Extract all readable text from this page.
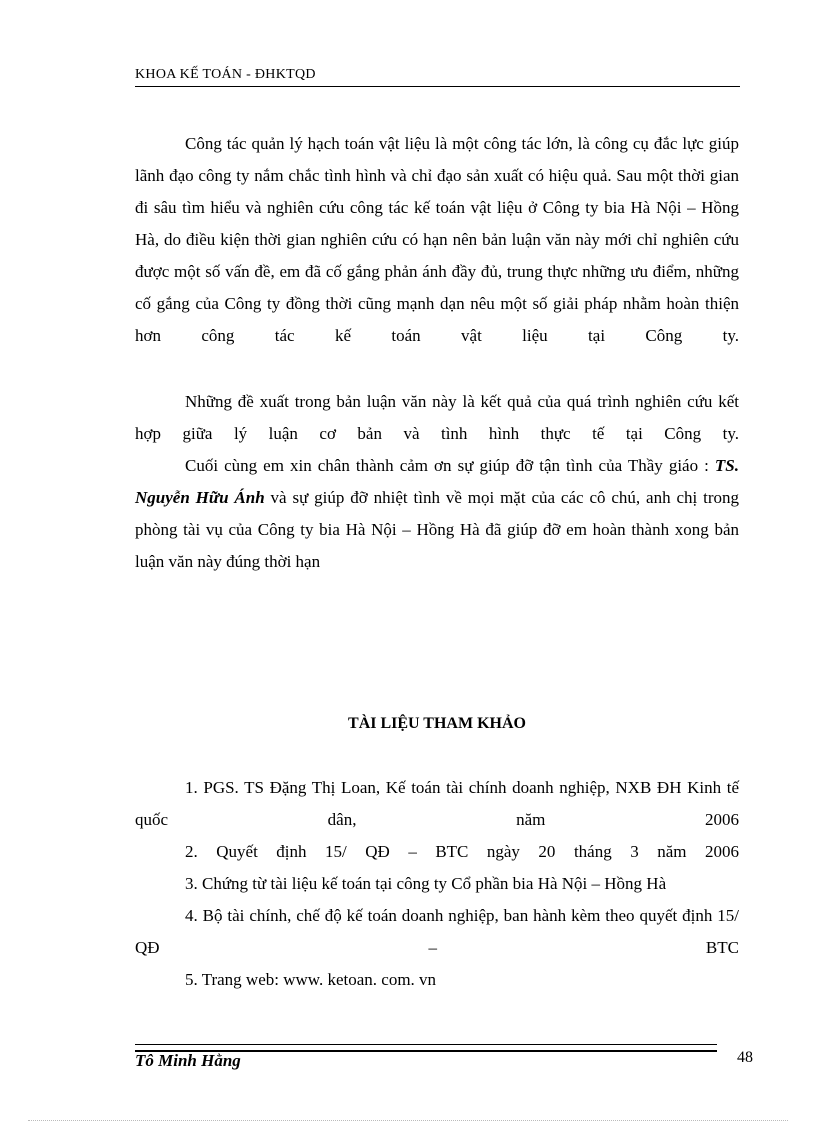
KHOA KẾ TOÁN - ĐHKTQD

Công tác quản lý hạch toán vật liệu là một công tác lớn, là công cụ đắc lực giúp lãnh đạo công ty nắm chắc tình hình và chỉ đạo sản xuất có hiệu quả. Sau một thời gian đi sâu tìm hiểu và nghiên cứu công tác kế toán vật liệu ở Công ty bia Hà Nội – Hồng Hà, do điều kiện thời gian nghiên cứu có hạn nên bản luận văn này mới chỉ nghiên cứu được một số vấn đề, em đã cố gắng phản ánh đầy đủ, trung thực những ưu điểm, những cố gắng của Công ty đồng thời cũng mạnh dạn nêu một số giải pháp nhằm hoàn thiện hơn công tác kế toán vật liệu tại Công ty.

Những đề xuất trong bản luận văn này là kết quả của quá trình nghiên cứu kết hợp giữa lý luận cơ bản và tình hình thực tế tại Công ty.

Cuối cùng em xin chân thành cảm ơn sự giúp đỡ tận tình của Thầy giáo : TS. Nguyễn Hữu Ánh và sự giúp đỡ nhiệt tình về mọi mặt của các cô chú, anh chị trong phòng tài vụ của Công ty bia Hà Nội – Hồng Hà đã giúp đỡ em hoàn thành xong bản luận văn này đúng thời hạn

TÀI LIỆU THAM KHẢO

1. PGS. TS Đặng Thị Loan, Kế toán tài chính doanh nghiệp, NXB ĐH Kinh tế quốc dân, năm 2006

2. Quyết định 15/ QĐ – BTC ngày 20 tháng 3 năm 2006

3. Chứng từ tài liệu kế toán tại công ty Cổ phần bia Hà Nội – Hồng Hà

4. Bộ tài chính, chế độ kế toán doanh nghiệp, ban hành kèm theo quyết định 15/ QĐ – BTC

5. Trang web: www. ketoan. com. vn

Tô Minh Hằng	48
